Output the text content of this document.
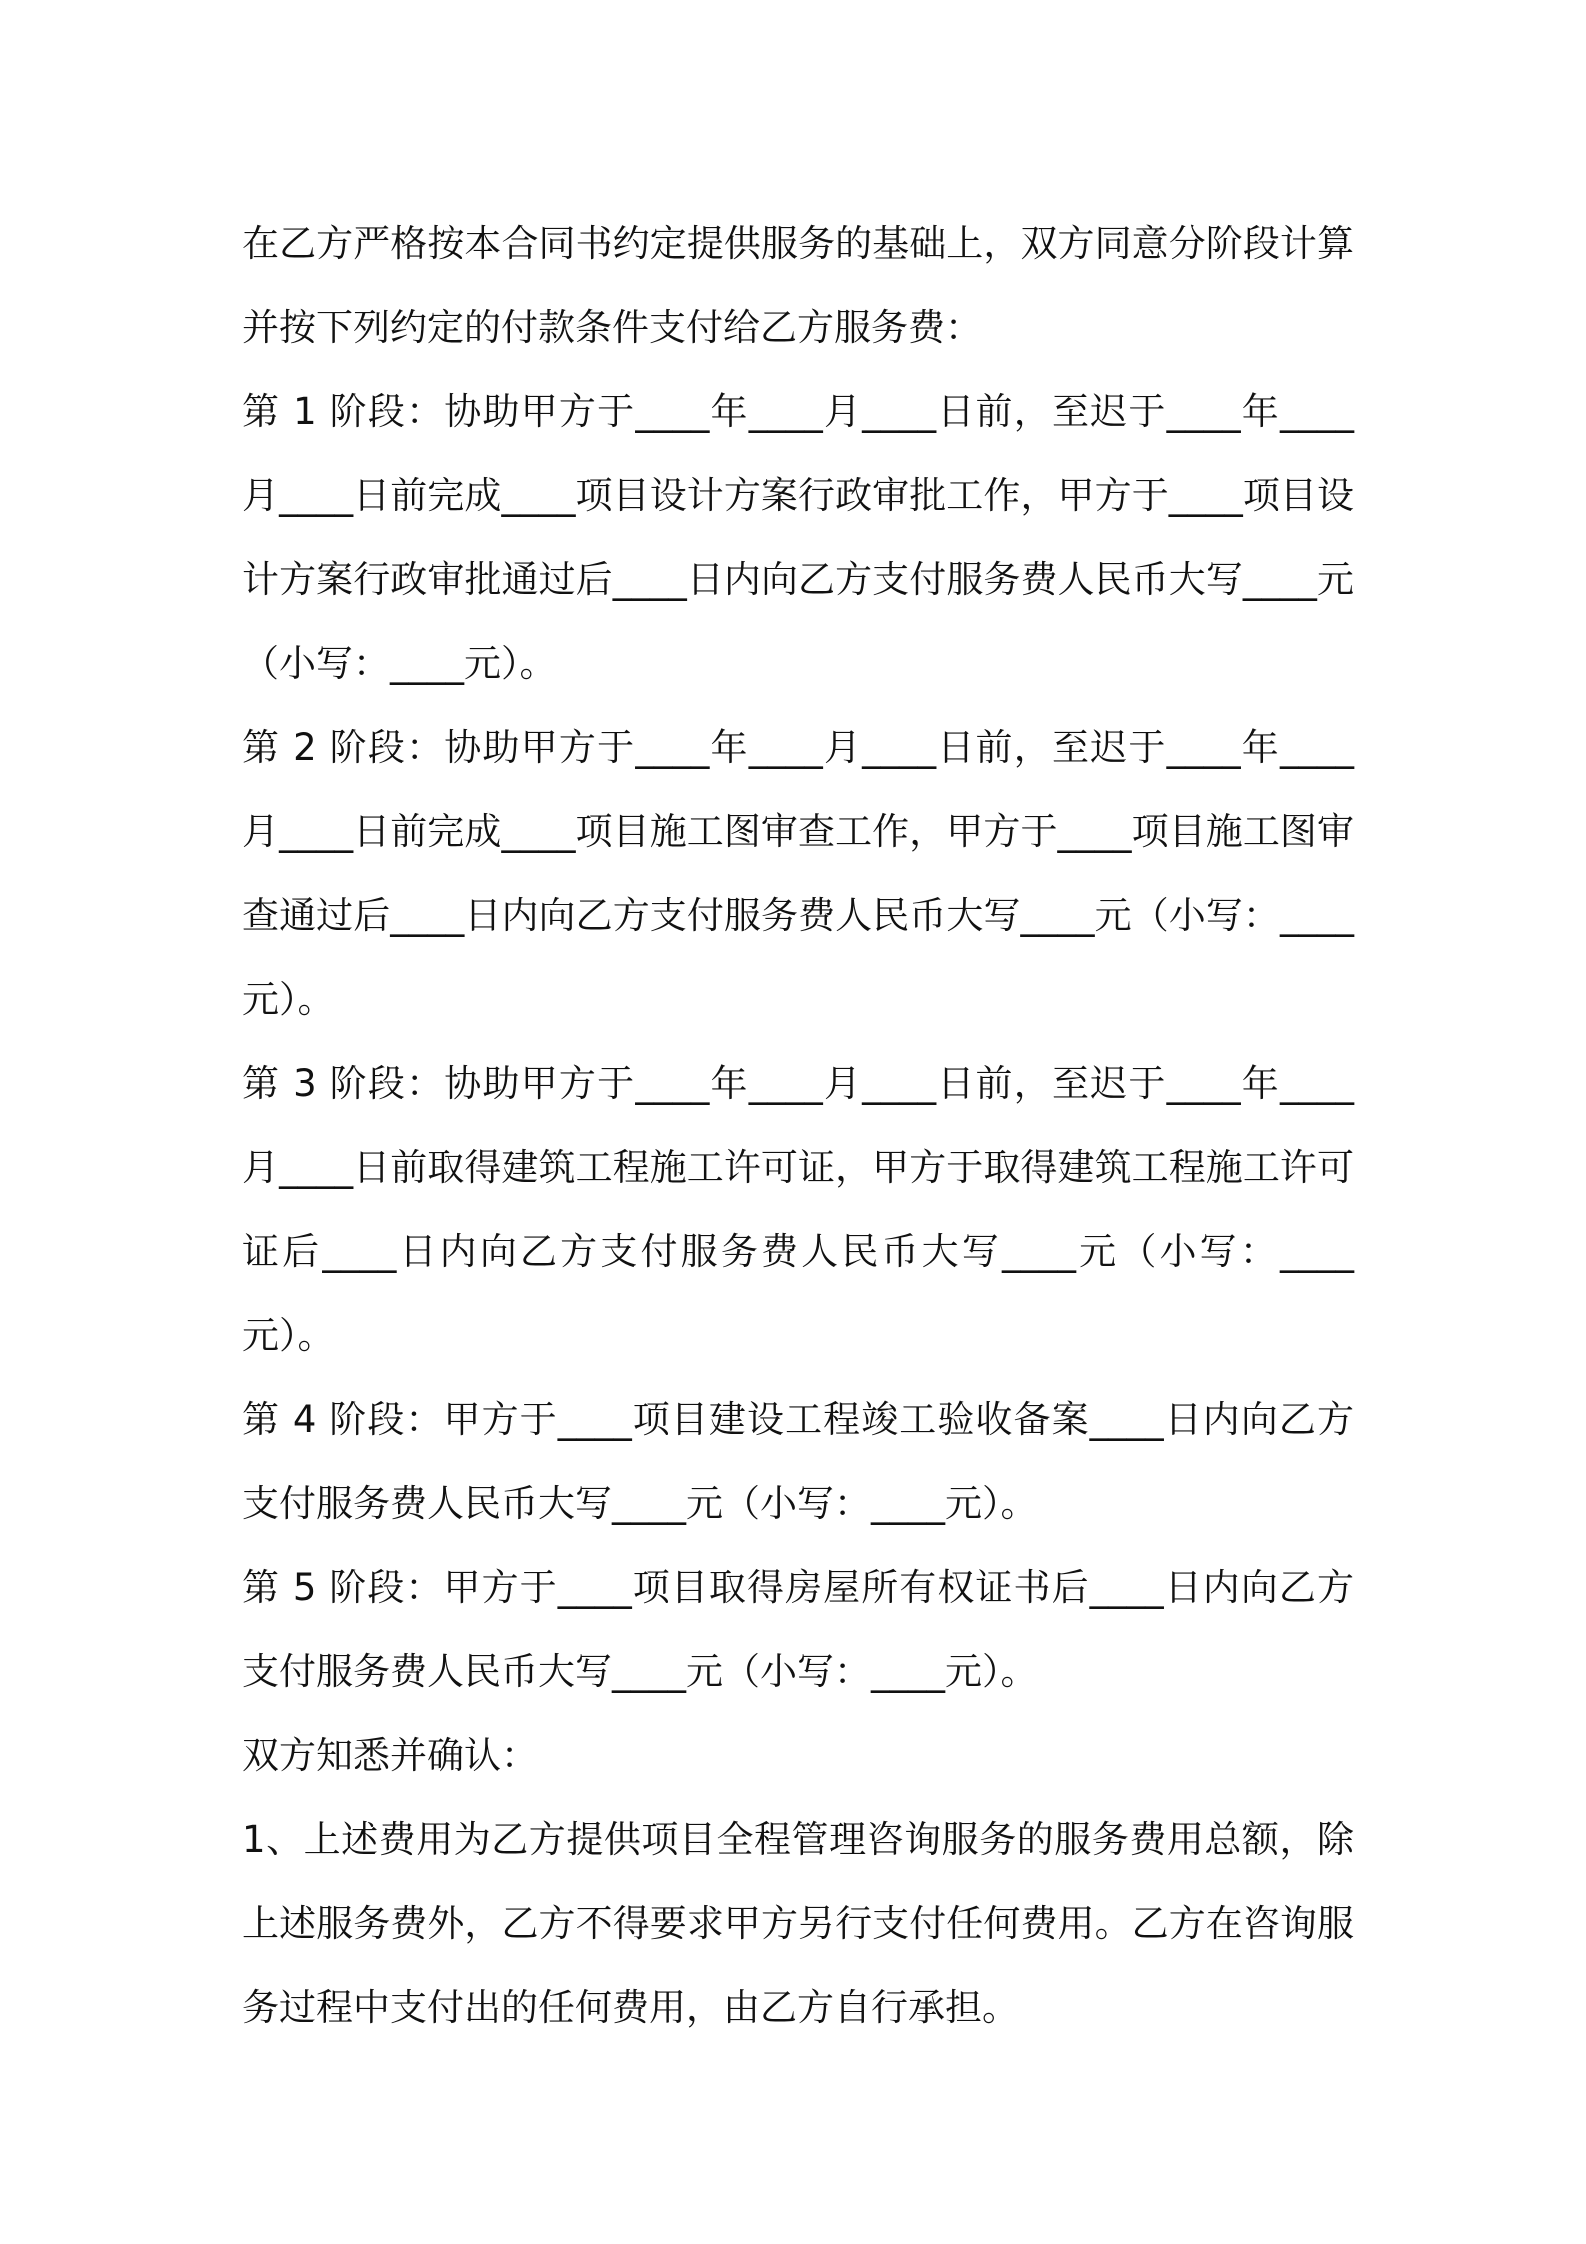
在乙方严格按本合同书约定提供服务的基础上，双方同意分阶段计算并按下列约定的付款条件支付给乙方服务费：

第 1 阶段：协助甲方于____年____月____日前，至迟于____年____月____日前完成____项目设计方案行政审批工作，甲方于____项目设计方案行政审批通过后____日内向乙方支付服务费人民币大写____元（小写：____元）。

第 2 阶段：协助甲方于____年____月____日前，至迟于____年____月____日前完成____项目施工图审查工作，甲方于____项目施工图审查通过后____日内向乙方支付服务费人民币大写____元（小写：____元）。

第 3 阶段：协助甲方于____年____月____日前，至迟于____年____月____日前取得建筑工程施工许可证，甲方于取得建筑工程施工许可证后____日内向乙方支付服务费人民币大写____元（小写：____元）。

第 4 阶段：甲方于____项目建设工程竣工验收备案____日内向乙方支付服务费人民币大写____元（小写：____元）。

第 5 阶段：甲方于____项目取得房屋所有权证书后____日内向乙方支付服务费人民币大写____元（小写：____元）。

双方知悉并确认：

1、上述费用为乙方提供项目全程管理咨询服务的服务费用总额，除上述服务费外，乙方不得要求甲方另行支付任何费用。乙方在咨询服务过程中支付出的任何费用，由乙方自行承担。
